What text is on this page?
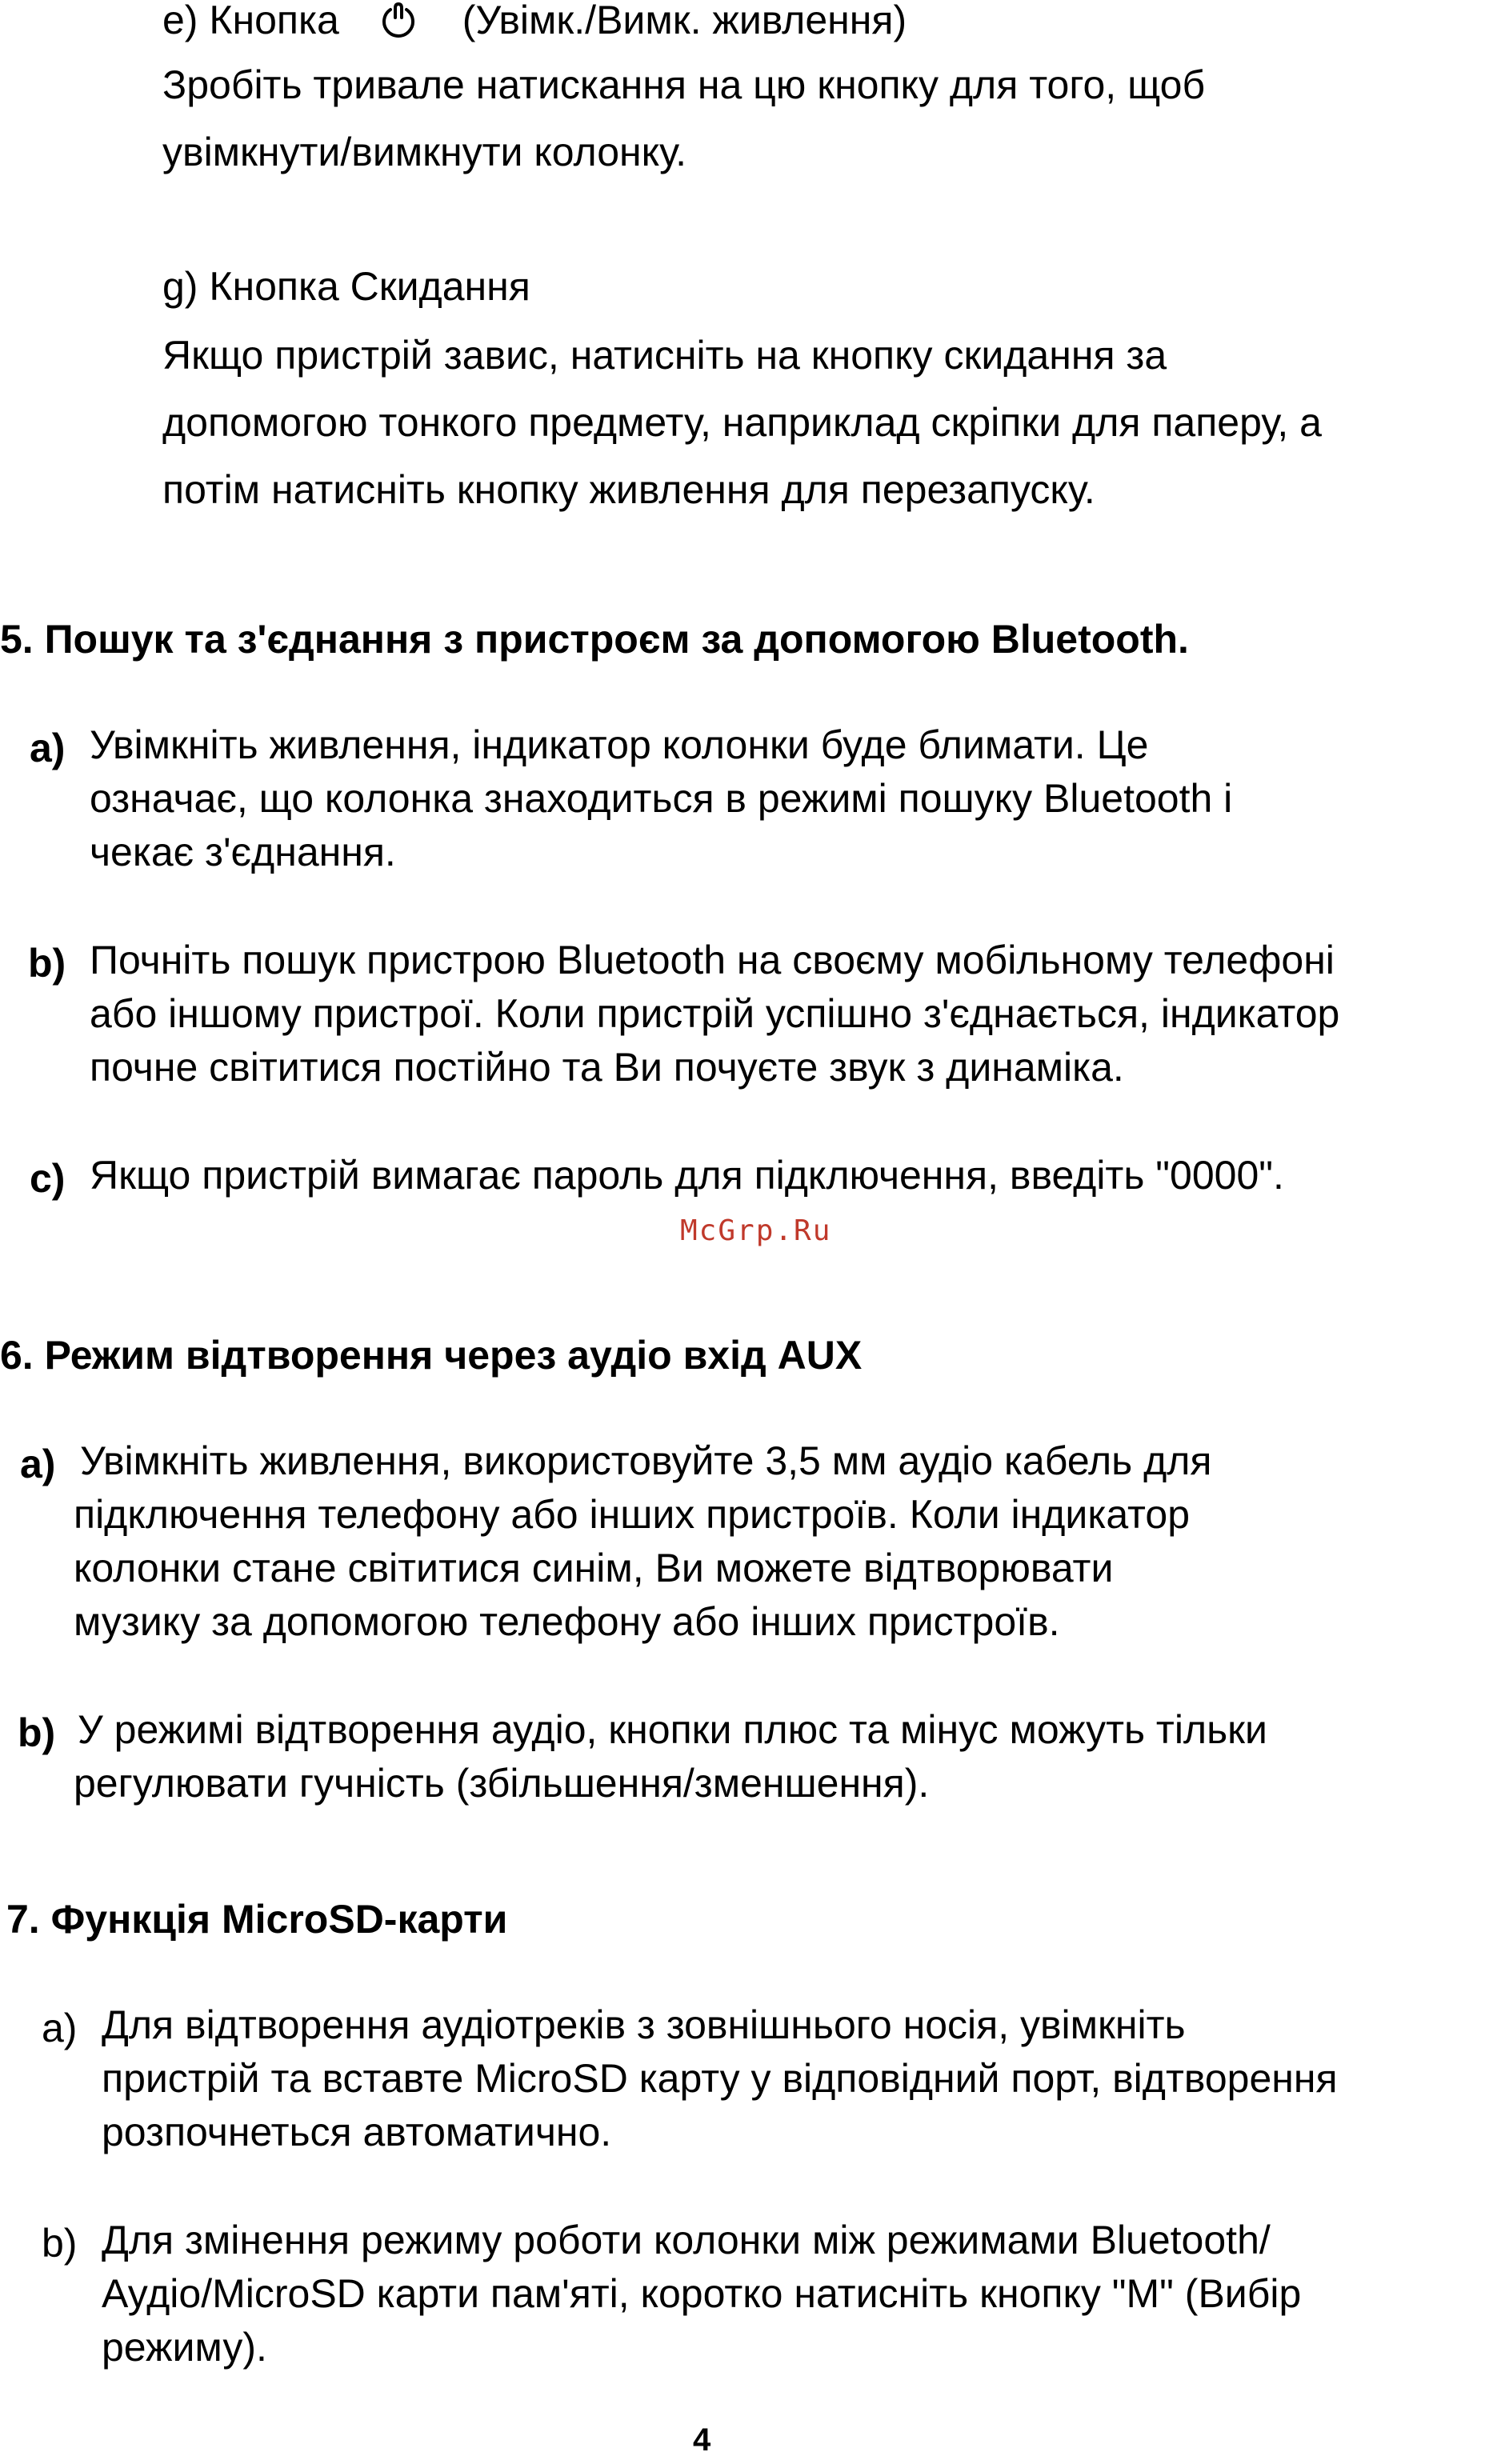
е) Кнопка	(Увімк./Вимк. живлення)
Зробіть тривале натискання на цю кнопку для того, щоб
увімкнути/вимкнути колонку.
g) Кнопка Скидання
Якщо пристрій завис, натисніть на кнопку скидання за
допомогою тонкого предмету, наприклад скріпки для паперу, а
потім натисніть кнопку живлення для перезапуску.
5. Пошук та з'єднання з пристроєм за допомогою Bluetooth.
a) Увімкніть живлення, індикатор колонки буде блимати. Це
означає, що колонка знаходиться в режимі пошуку Bluetooth і
чекає з'єднання.
b) Почніть пошук пристрою Bluetooth на своєму мобільному телефоні
або іншому пристрої. Коли пристрій успішно з'єднається, індикатор
почне світитися постійно та Ви почуєте звук з динаміка.
c) Якщо пристрій вимагає пароль для підключення, введіть "0000".
McGrp.Ru
6. Режим відтворення через аудіо вхід AUX
a) Увімкніть живлення, використовуйте 3,5 мм аудіо кабель для
підключення телефону або інших пристроїв. Коли індикатор
колонки стане світитися синім, Ви можете відтворювати
музику за допомогою телефону або інших пристроїв.
b) У режимі відтворення аудіо, кнопки плюс та мінус можуть тільки
регулювати гучність (збільшення/зменшення).
7. Функція MicroSD-карти
a) Для відтворення аудіотреків з зовнішнього носія, увімкніть
пристрій та вставте MicroSD карту у відповідний порт, відтворення
розпочнеться автоматично.
b) Для змінення режиму роботи колонки між режимами Bluetooth/
Аудіо/MicroSD карти пам'яті, коротко натисніть кнопку "М" (Вибір
режиму).
4
